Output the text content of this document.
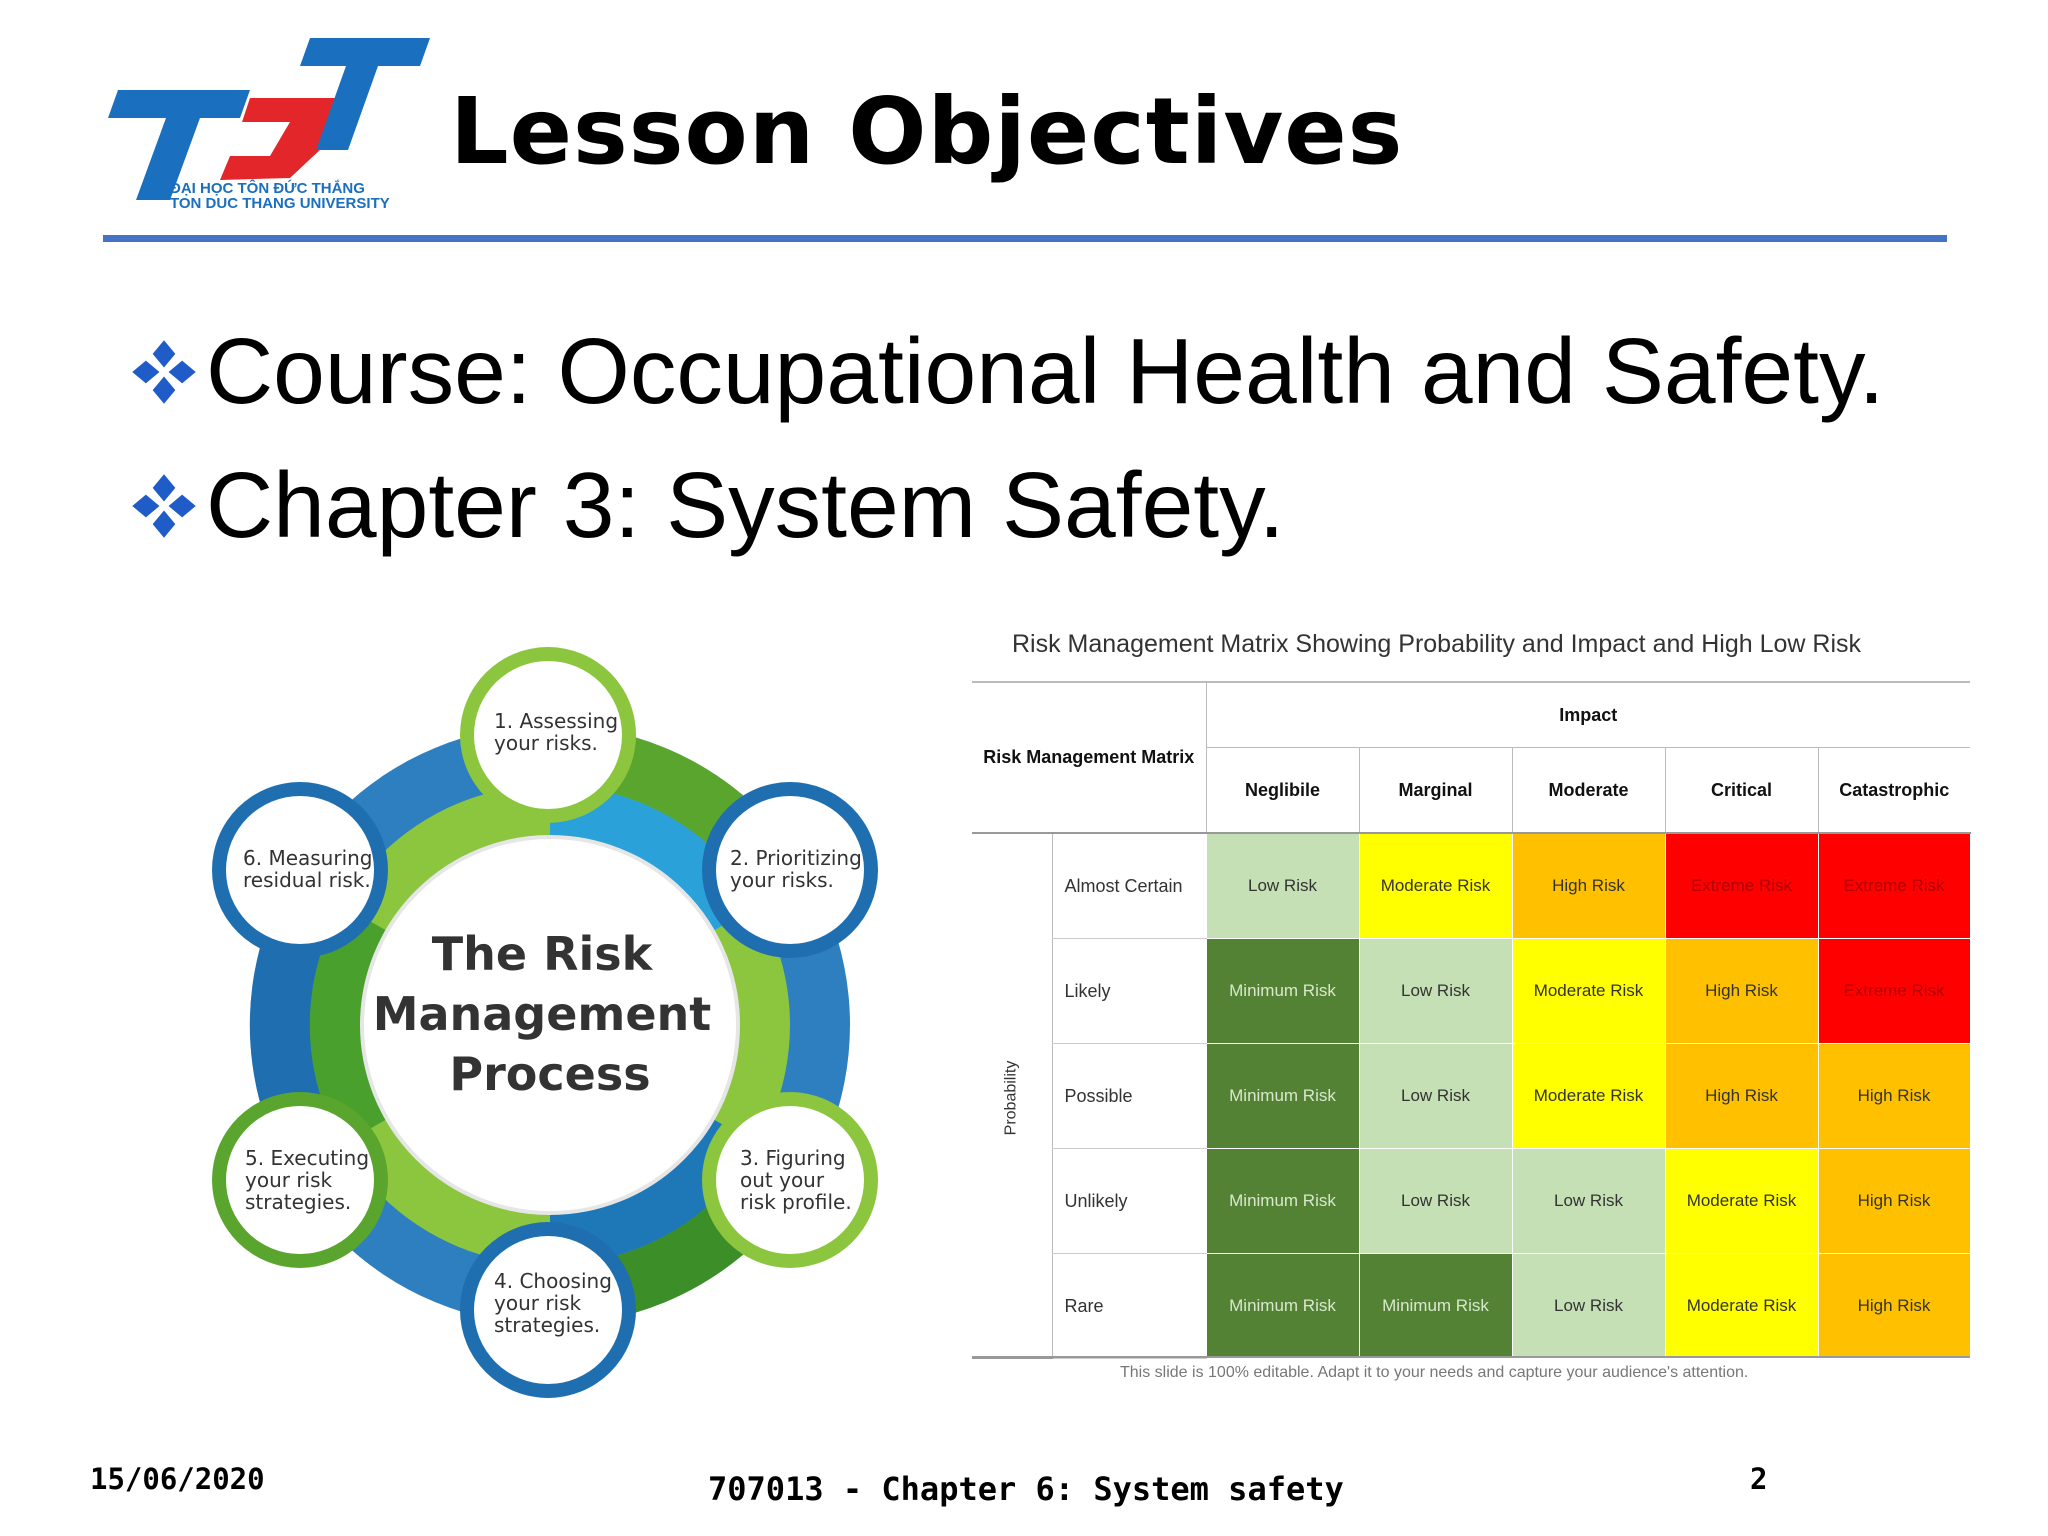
ĐẠI HỌC TÔN ĐỨC THẮNG
TON DUC THANG UNIVERSITY
Lesson Objectives
Course: Occupational Health and Safety.
Chapter 3: System Safety.
The Risk Management Process
1. Assessing your risks.
2. Prioritizing your risks.
3. Figuring out your risk profile.
4. Choosing your risk strategies.
5. Executing your risk strategies.
6. Measuring residual risk.
Risk Management Matrix Showing Probability and Impact and High Low Risk
Risk Management Matrix		Impact				
		Neglibile	Marginal	Moderate	Critical	Catastrophic
Probability	Almost Certain	Low Risk	Moderate Risk	High Risk	Extreme Risk	Extreme Risk
	Likely	Minimum Risk	Low Risk	Moderate Risk	High Risk	Extreme Risk
	Possible	Minimum Risk	Low Risk	Moderate Risk	High Risk	High Risk
	Unlikely	Minimum Risk	Low Risk	Low Risk	Moderate Risk	High Risk
	Rare	Minimum Risk	Minimum Risk	Low Risk	Moderate Risk	High Risk
This slide is 100% editable. Adapt it to your needs and capture your audience's attention.
15/06/2020	707013 - Chapter 6: System safety	2
